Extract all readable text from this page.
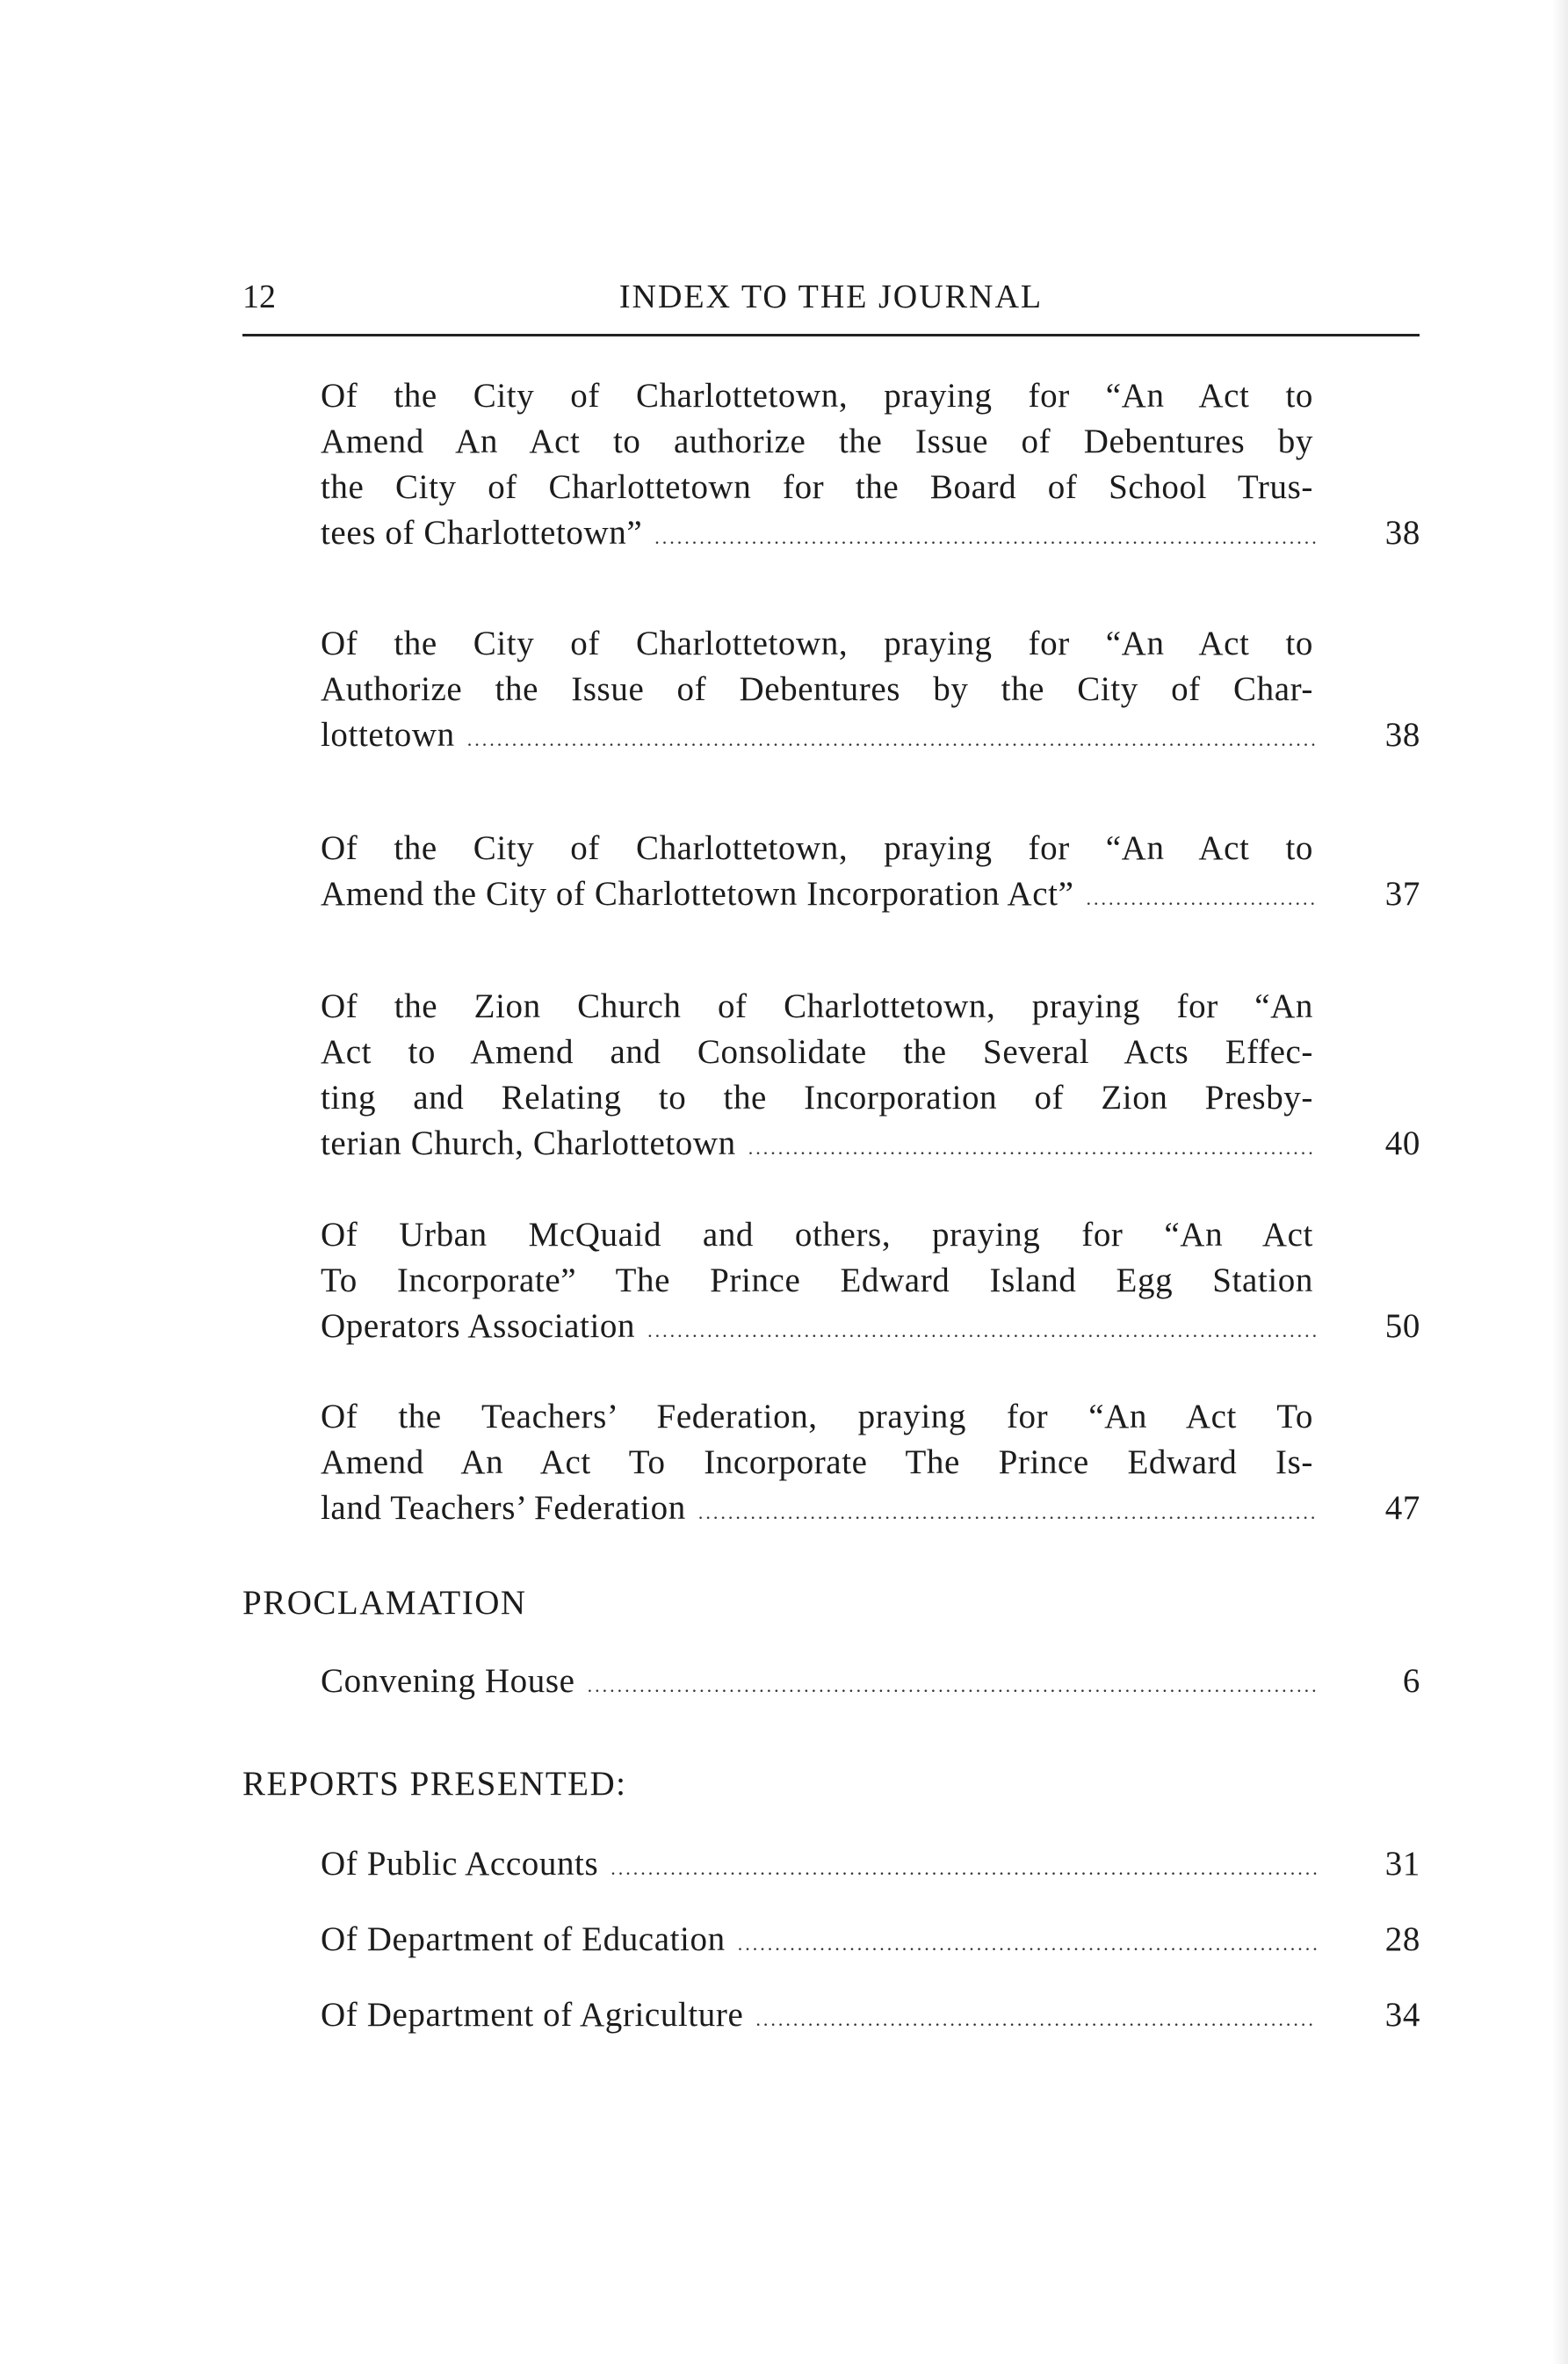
12	INDEX TO THE JOURNAL
Of the City of Charlottetown, praying for “An Act to
Amend An Act to authorize the Issue of Debentures by
the City of Charlottetown for the Board of School Trus-
tees of Charlottetown” .....	38
Of the City of Charlottetown, praying for “An Act to
Authorize the Issue of Debentures by the City of Char-
lottetown .....	38
Of the City of Charlottetown, praying for “An Act to
Amend the City of Charlottetown Incorporation Act” .....	37
Of the Zion Church of Charlottetown, praying for “An
Act to Amend and Consolidate the Several Acts Effec-
ting and Relating to the Incorporation of Zion Presby-
terian Church, Charlottetown .....	40
Of Urban McQuaid and others, praying for “An Act
To Incorporate” The Prince Edward Island Egg Station
Operators Association .....	50
Of the Teachers’ Federation, praying for “An Act To
Amend An Act To Incorporate The Prince Edward Is-
land Teachers’ Federation .....	47
PROCLAMATION
Convening House .....	6
REPORTS PRESENTED:
Of Public Accounts .....	31
Of Department of Education .....	28
Of Department of Agriculture .....	34
